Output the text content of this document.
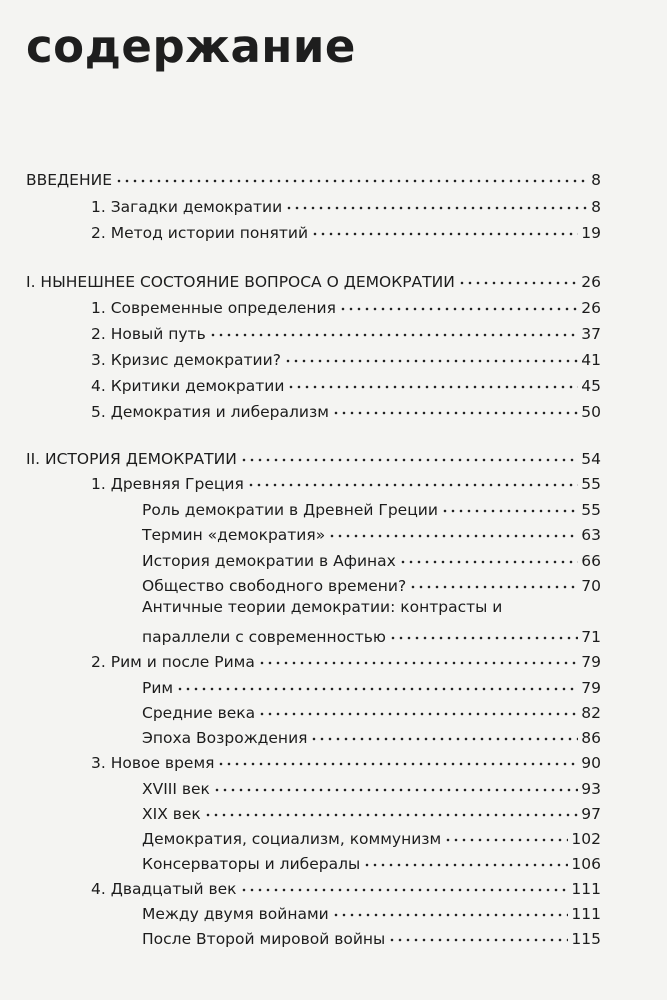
содержание
ВВЕДЕНИЕ	8
1. Загадки демократии	8
2. Метод истории понятий	19
I. НЫНЕШНЕЕ СОСТОЯНИЕ ВОПРОСА О ДЕМОКРАТИИ	26
1. Современные определения	26
2. Новый путь	37
3. Кризис демократии?	41
4. Критики демократии	45
5. Демократия и либерализм	50
II. ИСТОРИЯ ДЕМОКРАТИИ	54
1. Древняя Греция	55
Роль демократии в Древней Греции	55
Термин «демократия»	63
История демократии в Афинах	66
Общество свободного времени?	70
Античные теории демократии: контрасты и
параллели с современностью	71
2. Рим и после Рима	79
Рим	79
Средние века	82
Эпоха Возрождения	86
3. Новое время	90
XVIII век	93
XIX век	97
Демократия, социализм, коммунизм	102
Консерваторы и либералы	106
4. Двадцатый век	111
Между двумя войнами	111
После Второй мировой войны	115
